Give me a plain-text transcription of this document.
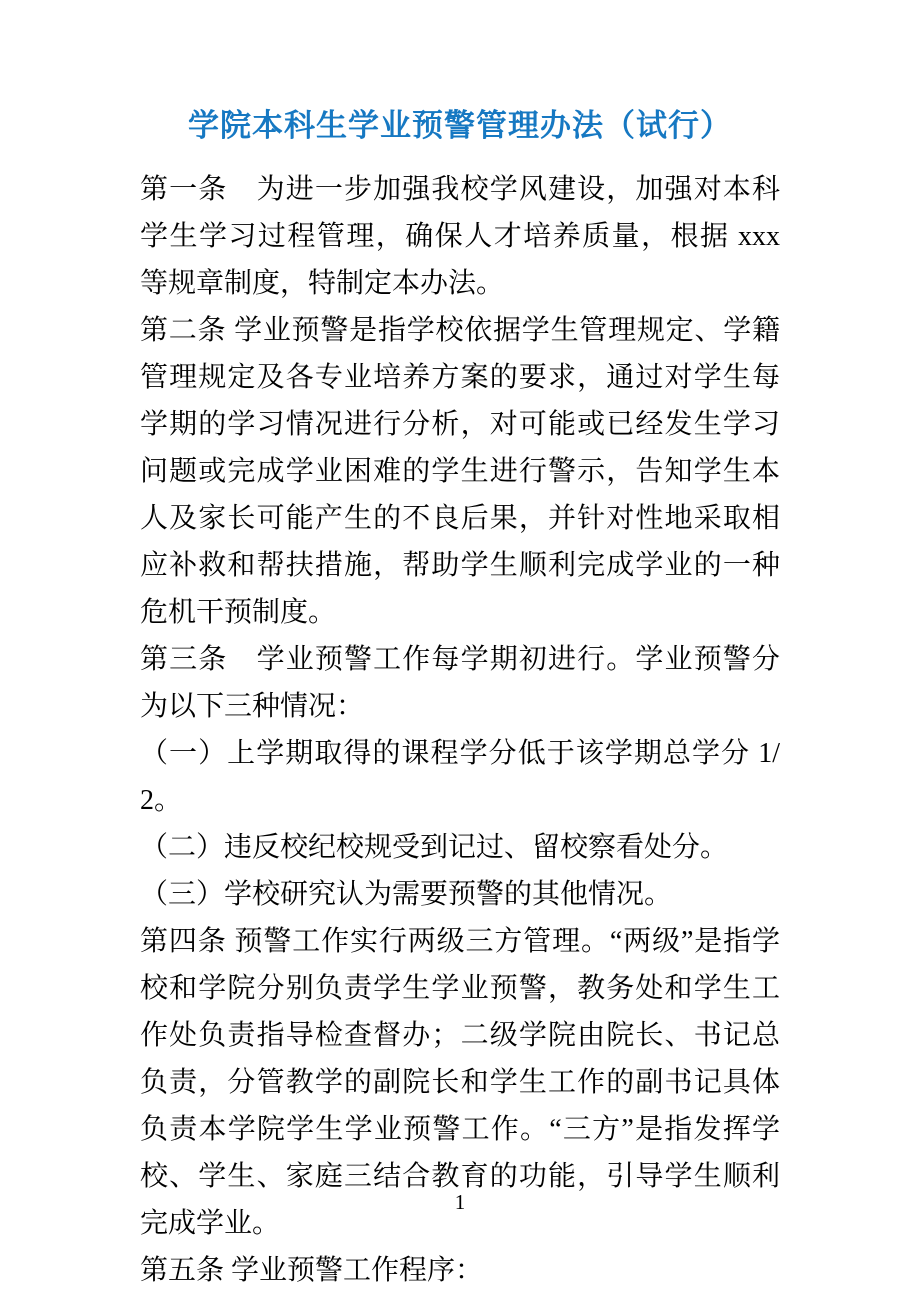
学院本科生学业预警管理办法（试行）

第一条　为进一步加强我校学风建设，加强对本科学生学习过程管理，确保人才培养质量，根据 xxx 等规章制度，特制定本办法。

第二条 学业预警是指学校依据学生管理规定、学籍管理规定及各专业培养方案的要求，通过对学生每学期的学习情况进行分析，对可能或已经发生学习问题或完成学业困难的学生进行警示，告知学生本人及家长可能产生的不良后果，并针对性地采取相应补救和帮扶措施，帮助学生顺利完成学业的一种危机干预制度。

第三条　学业预警工作每学期初进行。学业预警分为以下三种情况：

（一）上学期取得的课程学分低于该学期总学分 1/2。

（二）违反校纪校规受到记过、留校察看处分。

（三）学校研究认为需要预警的其他情况。

第四条 预警工作实行两级三方管理。“两级”是指学校和学院分别负责学生学业预警，教务处和学生工作处负责指导检查督办；二级学院由院长、书记总负责，分管教学的副院长和学生工作的副书记具体负责本学院学生学业预警工作。“三方”是指发挥学校、学生、家庭三结合教育的功能，引导学生顺利完成学业。

第五条 学业预警工作程序：

1
